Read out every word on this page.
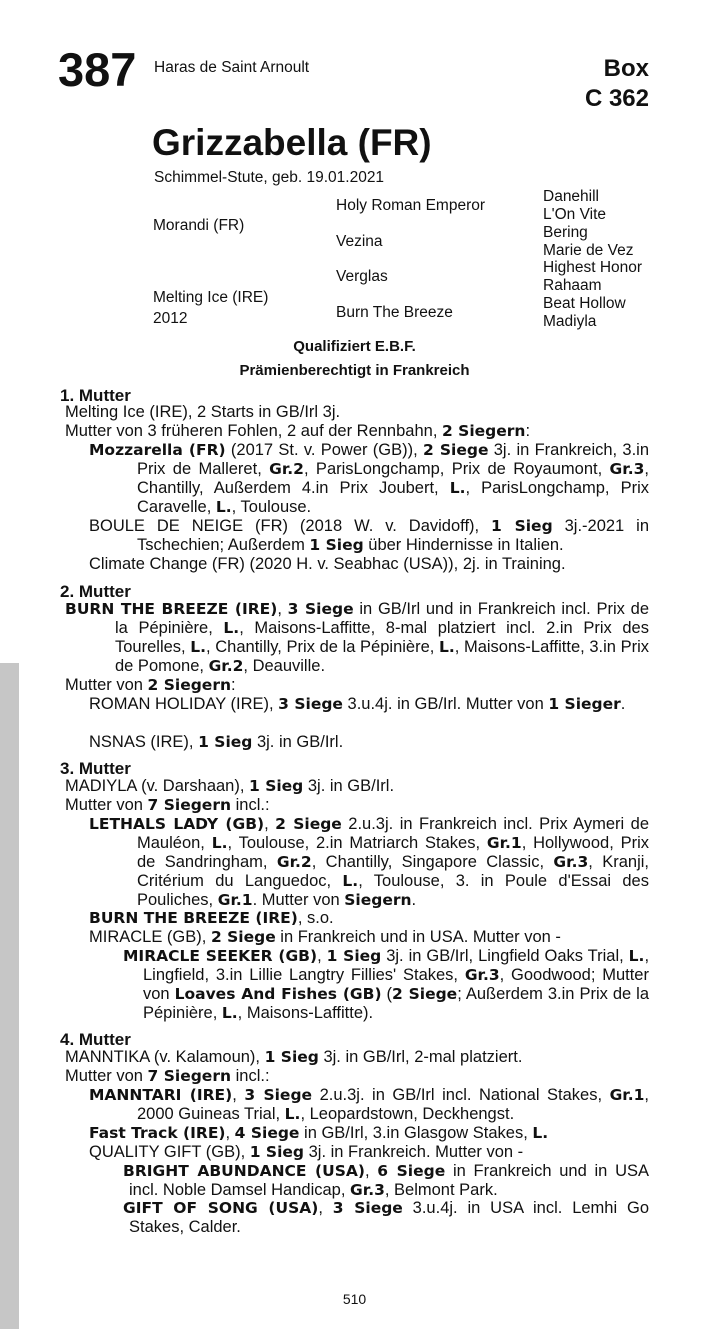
387 Haras de Saint Arnoult	Box
C 362
Grizzabella (FR)
Schimmel-Stute, geb. 19.01.2021
Morandi (FR)
Melting Ice (IRE)
2012
Holy Roman Emperor
Vezina
Verglas
Burn The Breeze
Danehill
L'On Vite
Bering
Marie de Vez
Highest Honor
Rahaam
Beat Hollow
Madiyla
Qualifiziert E.B.F.
Prämienberechtigt in Frankreich
1. Mutter
Melting Ice (IRE), 2 Starts in GB/Irl 3j.
Mutter von 3 früheren Fohlen, 2 auf der Rennbahn, 2 Siegern:
Mozzarella (FR) (2017 St. v. Power (GB)), 2 Siege 3j. in Frankreich, 3.in Prix de Malleret, Gr.2, ParisLongchamp, Prix de Royaumont, Gr.3, Chantilly, Außerdem 4.in Prix Joubert, L., ParisLongchamp, Prix Caravelle, L., Toulouse.
BOULE DE NEIGE (FR) (2018 W. v. Davidoff), 1 Sieg 3j.-2021 in Tschechien; Außerdem 1 Sieg über Hindernisse in Italien.
Climate Change (FR) (2020 H. v. Seabhac (USA)), 2j. in Training.
2. Mutter
BURN THE BREEZE (IRE), 3 Siege in GB/Irl und in Frankreich incl. Prix de la Pépinière, L., Maisons-Laffitte, 8-mal platziert incl. 2.in Prix des Tourelles, L., Chantilly, Prix de la Pépinière, L., Maisons-Laffitte, 3.in Prix de Pomone, Gr.2, Deauville.
Mutter von 2 Siegern:
ROMAN HOLIDAY (IRE), 3 Siege 3.u.4j. in GB/Irl. Mutter von 1 Sieger.
NSNAS (IRE), 1 Sieg 3j. in GB/Irl.
3. Mutter
MADIYLA (v. Darshaan), 1 Sieg 3j. in GB/Irl.
Mutter von 7 Siegern incl.:
LETHALS LADY (GB), 2 Siege 2.u.3j. in Frankreich incl. Prix Aymeri de Mauléon, L., Toulouse, 2.in Matriarch Stakes, Gr.1, Hollywood, Prix de Sandringham, Gr.2, Chantilly, Singapore Classic, Gr.3, Kranji, Critérium du Languedoc, L., Toulouse, 3. in Poule d'Essai des Pouliches, Gr.1. Mutter von Siegern.
BURN THE BREEZE (IRE), s.o.
MIRACLE (GB), 2 Siege in Frankreich und in USA. Mutter von -
MIRACLE SEEKER (GB), 1 Sieg 3j. in GB/Irl, Lingfield Oaks Trial, L., Lingfield, 3.in Lillie Langtry Fillies' Stakes, Gr.3, Goodwood; Mutter von Loaves And Fishes (GB) (2 Siege; Außerdem 3.in Prix de la Pépinière, L., Maisons-Laffitte).
4. Mutter
MANNTIKA (v. Kalamoun), 1 Sieg 3j. in GB/Irl, 2-mal platziert.
Mutter von 7 Siegern incl.:
MANNTARI (IRE), 3 Siege 2.u.3j. in GB/Irl incl. National Stakes, Gr.1, 2000 Guineas Trial, L., Leopardstown, Deckhengst.
Fast Track (IRE), 4 Siege in GB/Irl, 3.in Glasgow Stakes, L.
QUALITY GIFT (GB), 1 Sieg 3j. in Frankreich. Mutter von -
BRIGHT ABUNDANCE (USA), 6 Siege in Frankreich und in USA incl. Noble Damsel Handicap, Gr.3, Belmont Park.
GIFT OF SONG (USA), 3 Siege 3.u.4j. in USA incl. Lemhi Go Stakes, Calder.
510
